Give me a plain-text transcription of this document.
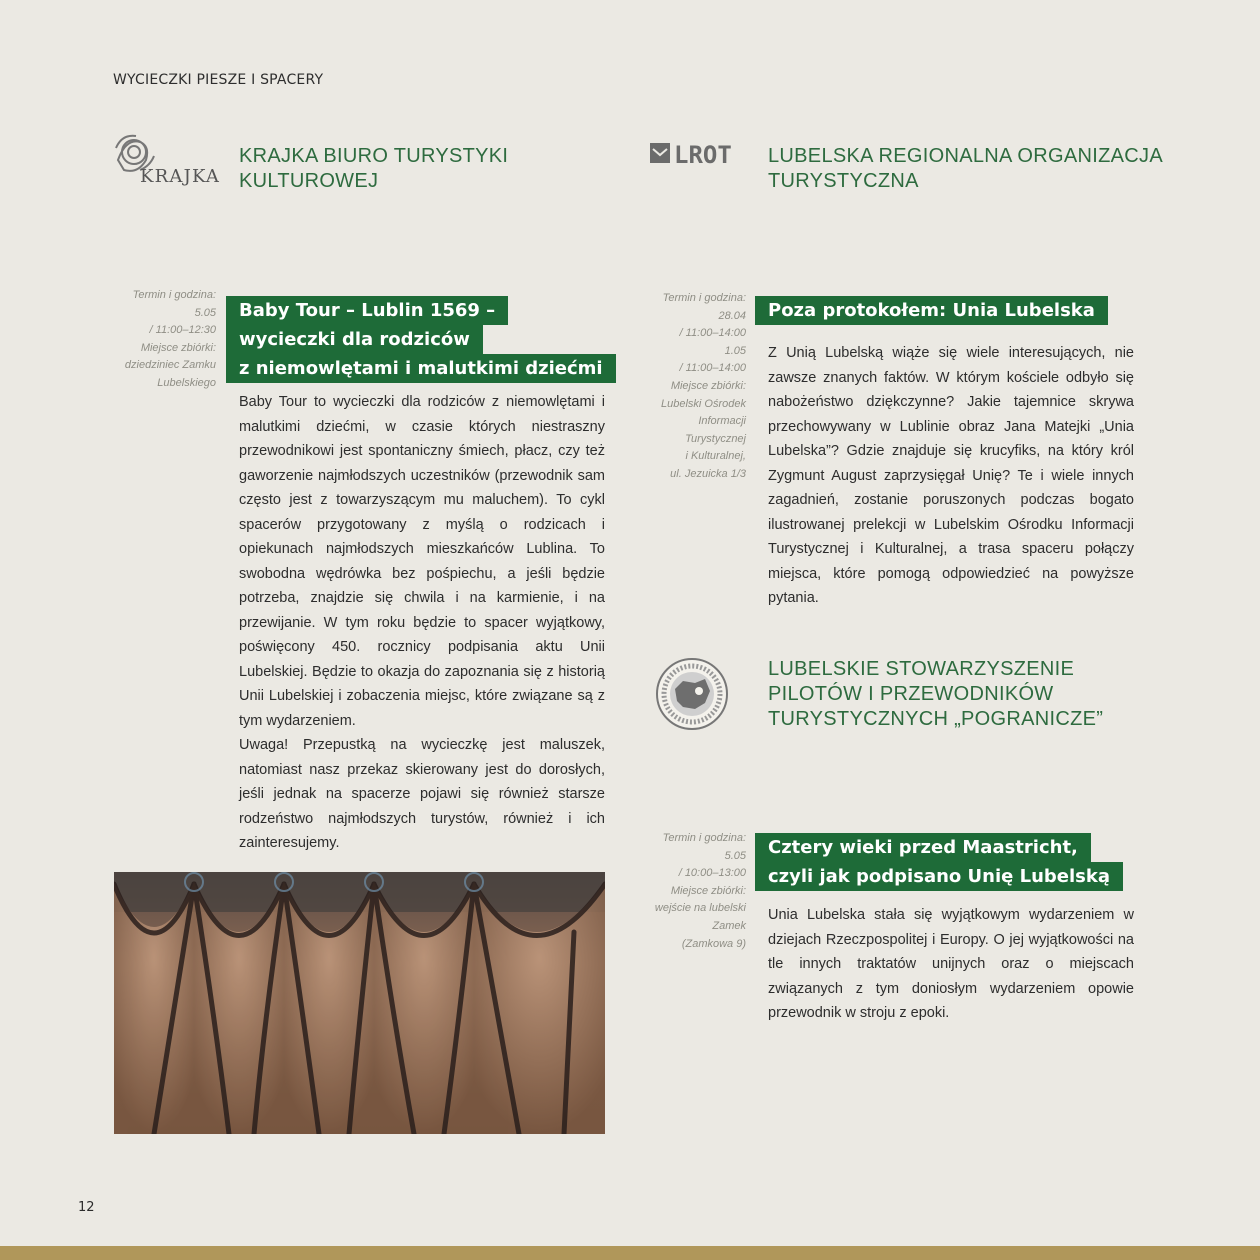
WYCIECZKI PIESZE I SPACERY
KRAJKA
KRAJKA BIURO TURYSTYKI
KULTUROWEJ
Termin i godzina:
5.05
/ 11:00–12:30
Miejsce zbiórki:
dziedziniec Zamku
Lubelskiego
Baby Tour – Lublin 1569 –
wycieczki dla rodziców
z niemowlętami i malutkimi dziećmi

Baby Tour to wycieczki dla rodziców z niemowlętami i malutkimi dziećmi, w czasie których niestraszny przewodnikowi jest spontaniczny śmiech, płacz, czy też gaworzenie najmłodszych uczestników (przewodnik sam często jest z towarzyszącym mu maluchem). To cykl spacerów przygotowany z myślą o rodzicach i opiekunach najmłodszych mieszkańców Lublina. To swobodna wędrówka bez pośpiechu, a jeśli będzie potrzeba, znajdzie się chwila i na karmienie, i na przewijanie. W tym roku będzie to spacer wyjątkowy, poświęcony 450. rocznicy podpisania aktu Unii Lubelskiej. Będzie to okazja do zapoznania się z historią Unii Lubelskiej i zobaczenia miejsc, które związane są z tym wydarzeniem.

Uwaga! Przepustką na wycieczkę jest maluszek, natomiast nasz przekaz skierowany jest do dorosłych, jeśli jednak na spacerze pojawi się również starsze rodzeństwo najmłodszych turystów, również i ich zainteresujemy.

LROT LUBELSKA REGIONALNA ORGANIZACJA
TURYSTYCZNA
Termin i godzina:
28.04
/ 11:00–14:00
1.05
/ 11:00–14:00
Miejsce zbiórki:
Lubelski Ośrodek
Informacji
Turystycznej
i Kulturalnej,
ul. Jezuicka 1/3
Poza protokołem: Unia Lubelska

Z Unią Lubelską wiąże się wiele interesujących, nie zawsze znanych faktów. W którym kościele odbyło się nabożeństwo dziękczynne? Jakie tajemnice skrywa przechowywany w Lublinie obraz Jana Matejki „Unia Lubelska”? Gdzie znajduje się krucyfiks, na który król Zygmunt August zaprzysięgał Unię? Te i wiele innych zagadnień, zostanie poruszonych podczas bogato ilustrowanej prelekcji w Lubelskim Ośrodku Informacji Turystycznej i Kulturalnej, a trasa spaceru połączy miejsca, które pomogą odpowiedzieć na powyższe pytania.

LUBELSKIE STOWARZYSZENIE
PILOTÓW I PRZEWODNIKÓW
TURYSTYCZNYCH „POGRANICZE”
Termin i godzina:
5.05
/ 10:00–13:00
Miejsce zbiórki:
wejście na lubelski
Zamek
(Zamkowa 9)
Cztery wieki przed Maastricht,
czyli jak podpisano Unię Lubelską

Unia Lubelska stała się wyjątkowym wydarzeniem w dziejach Rzeczpospolitej i Europy. O jej wyjątkowości na tle innych traktatów unijnych oraz o miejscach związanych z tym doniosłym wydarzeniem opowie przewodnik w stroju z epoki.

12
